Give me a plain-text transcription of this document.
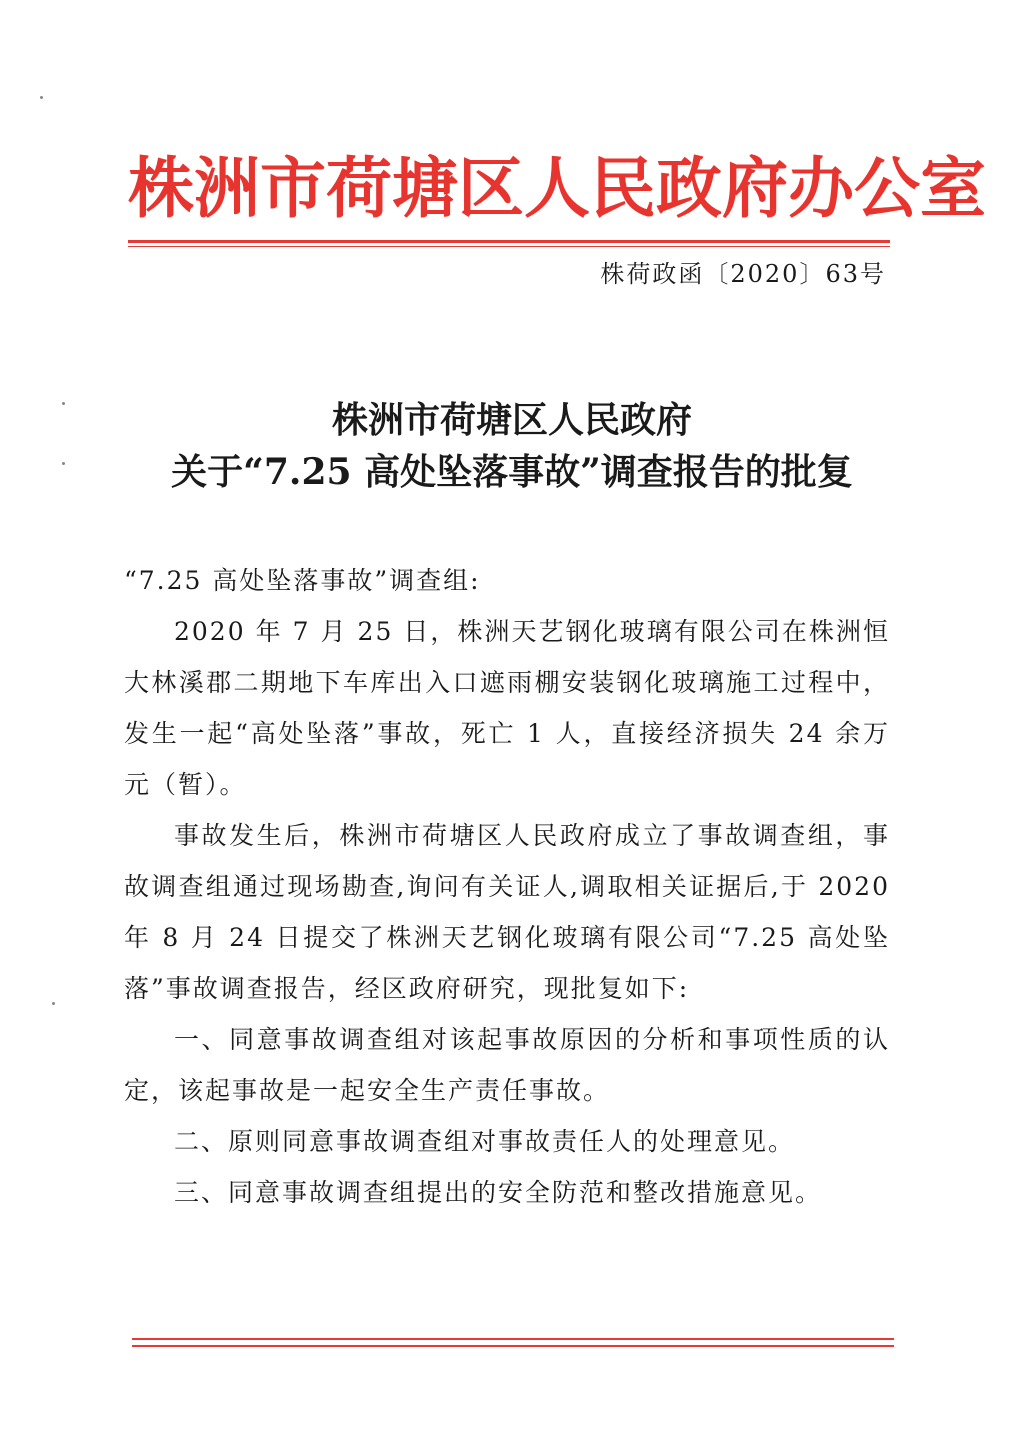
株洲市荷塘区人民政府办公室
株荷政函〔2020〕63号
株洲市荷塘区人民政府
关于“7.25 高处坠落事故”调查报告的批复

“7.25 高处坠落事故”调查组:

2020 年 7 月 25 日，株洲天艺钢化玻璃有限公司在株洲恒大林溪郡二期地下车库出入口遮雨棚安装钢化玻璃施工过程中，发生一起“高处坠落”事故，死亡 1 人，直接经济损失 24 余万元（暂）。

事故发生后，株洲市荷塘区人民政府成立了事故调查组，事故调查组通过现场勘查,询问有关证人,调取相关证据后,于 2020 年 8 月 24 日提交了株洲天艺钢化玻璃有限公司“7.25 高处坠落”事故调查报告，经区政府研究，现批复如下:

一、同意事故调查组对该起事故原因的分析和事项性质的认定，该起事故是一起安全生产责任事故。

二、原则同意事故调查组对事故责任人的处理意见。

三、同意事故调查组提出的安全防范和整改措施意见。
